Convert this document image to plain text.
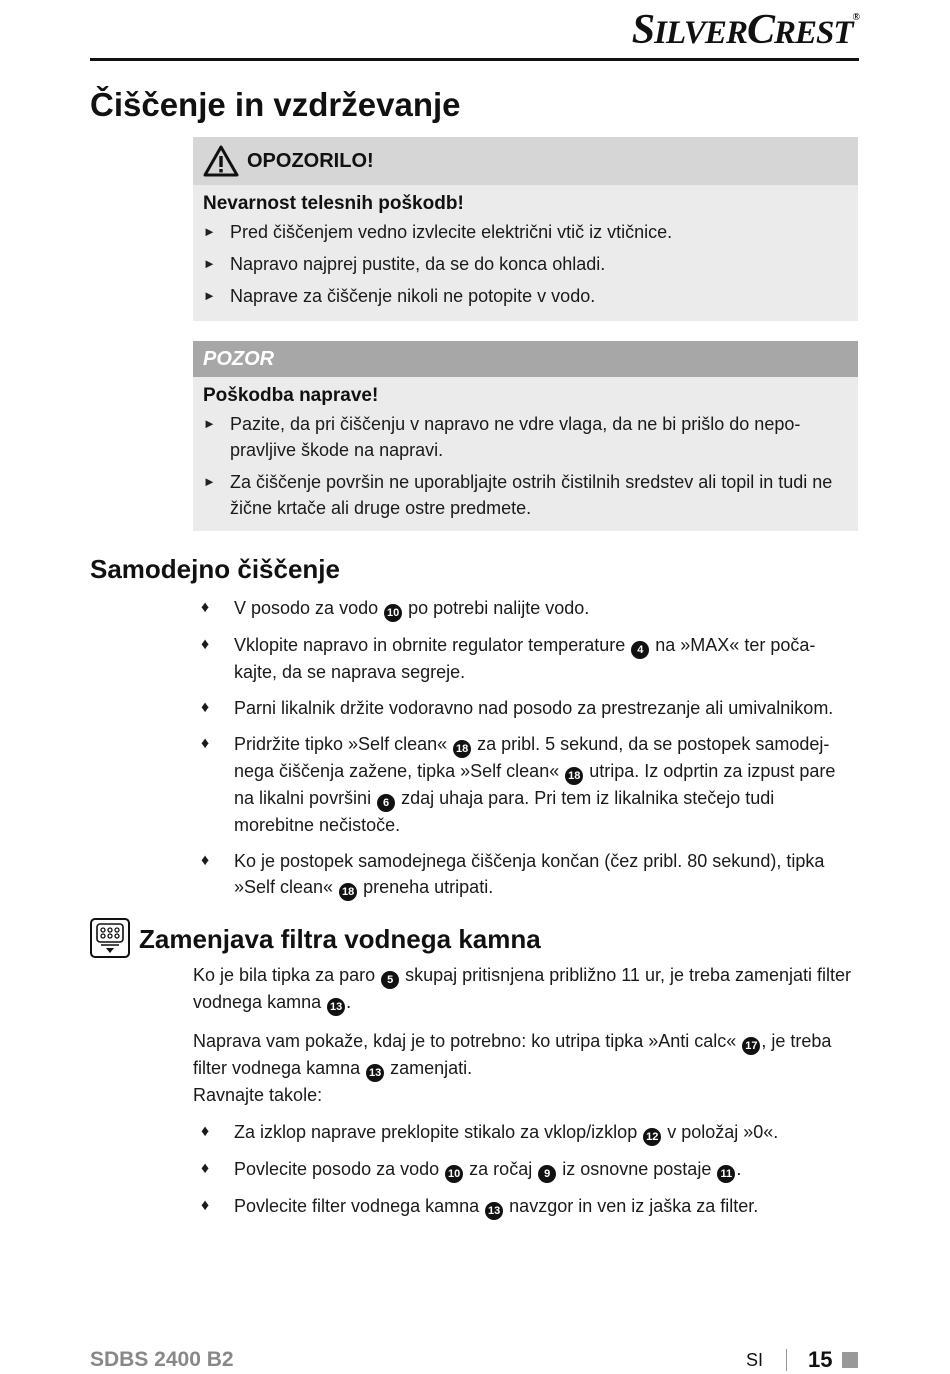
SILVERCREST®
Čiščenje in vzdrževanje
OPOZORILO!
Nevarnost telesnih poškodb!
► Pred čiščenjem vedno izvlecite električni vtič iz vtičnice.
► Napravo najprej pustite, da se do konca ohladi.
► Naprave za čiščenje nikoli ne potopite v vodo.
POZOR
Poškodba naprave!
► Pazite, da pri čiščenju v napravo ne vdre vlaga, da ne bi prišlo do nepo-pravljive škode na napravi.
► Za čiščenje površin ne uporabljajte ostrih čistilnih sredstev ali topil in tudi ne žične krtače ali druge ostre predmete.
Samodejno čiščenje
♦	V posodo za vodo 10 po potrebi nalijte vodo.
♦	Vklopite napravo in obrnite regulator temperature 4 na »MAX« ter poča-kajte, da se naprava segreje.
♦	Parni likalnik držite vodoravno nad posodo za prestrezanje ali umivalnikom.
♦	Pridržite tipko »Self clean« 18 za pribl. 5 sekund, da se postopek samodej-nega čiščenja zažene, tipka »Self clean« 18 utripa. Iz odprtin za izpust pare na likalni površini 6 zdaj uhaja para. Pri tem iz likalnika stečejo tudi morebitne nečistoče.
♦	Ko je postopek samodejnega čiščenja končan (čez pribl. 80 sekund), tipka »Self clean« 18 preneha utripati.
Zamenjava filtra vodnega kamna

Ko je bila tipka za paro 5 skupaj pritisnjena približno 11 ur, je treba zamenjati filter vodnega kamna 13 .

Naprava vam pokaže, kdaj je to potrebno: ko utripa tipka »Anti calc« 17 , je treba filter vodnega kamna 13 zamenjati.
Ravnajte takole:

♦	Za izklop naprave preklopite stikalo za vklop/izklop 12 v položaj »0«.
♦	Povlecite posodo za vodo 10 za ročaj 9 iz osnovne postaje 11 .
♦	Povlecite filter vodnega kamna 13 navzgor in ven iz jaška za filter.
SDBS 2400 B2	SI 15
